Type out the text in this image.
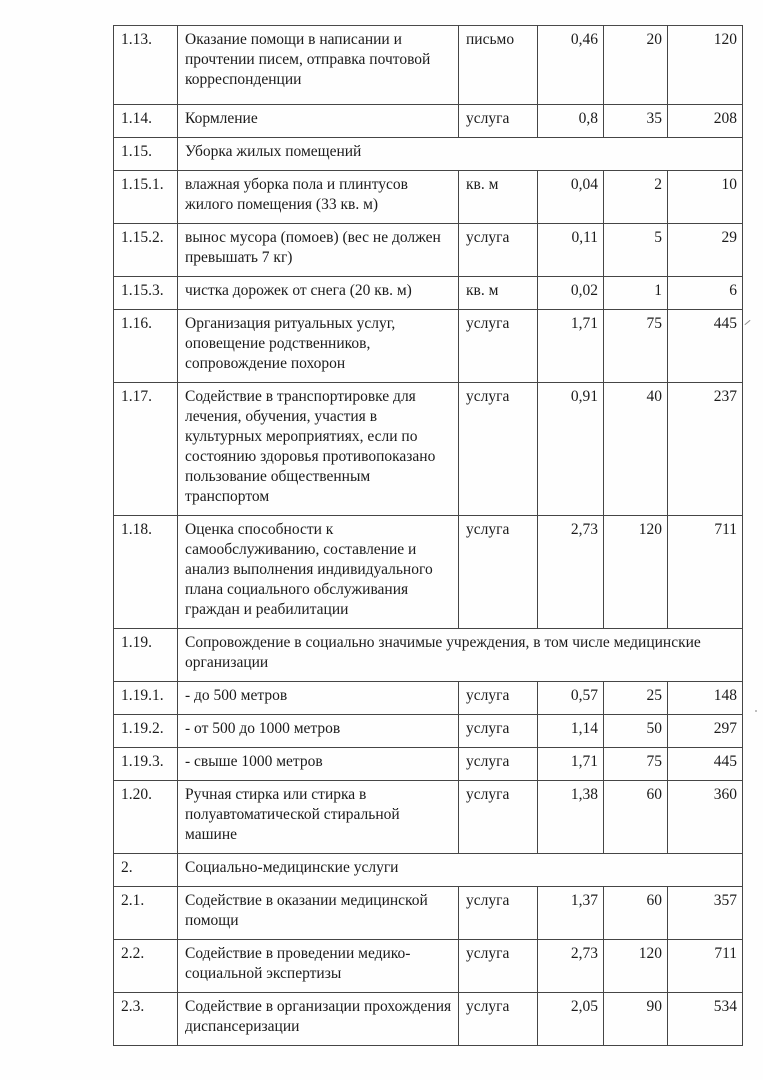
1.13.	Оказание помощи в написании и прочтении писем, отправка почтовой корреспонденции	письмо	0,46	20	120
1.14.	Кормление	услуга	0,8	35	208
1.15.	Уборка жилых помещений				
1.15.1.	влажная уборка пола и плинтусов жилого помещения (33 кв. м)	кв. м	0,04	2	10
1.15.2.	вынос мусора (помоев) (вес не должен превышать 7 кг)	услуга	0,11	5	29
1.15.3.	чистка дорожек от снега (20 кв. м)	кв. м	0,02	1	6
1.16.	Организация ритуальных услуг, оповещение родственников, сопровождение похорон	услуга	1,71	75	445
1.17.	Содействие в транспортировке для лечения, обучения, участия в культурных мероприятиях, если по состоянию здоровья противопоказано пользование общественным транспортом	услуга	0,91	40	237
1.18.	Оценка способности к самообслуживанию, составление и анализ выполнения индивидуального плана социального обслуживания граждан и реабилитации	услуга	2,73	120	711
1.19.	Сопровождение в социально значимые учреждения, в том числе медицинские организации				
1.19.1.	- до 500 метров	услуга	0,57	25	148
1.19.2.	- от 500 до 1000 метров	услуга	1,14	50	297
1.19.3.	- свыше 1000 метров	услуга	1,71	75	445
1.20.	Ручная стирка или стирка в полуавтоматической стиральной машине	услуга	1,38	60	360
2.	Социально-медицинские услуги				
2.1.	Содействие в оказании медицинской помощи	услуга	1,37	60	357
2.2.	Содействие в проведении медико-социальной экспертизы	услуга	2,73	120	711
2.3.	Содействие в организации прохождения диспансеризации	услуга	2,05	90	534
